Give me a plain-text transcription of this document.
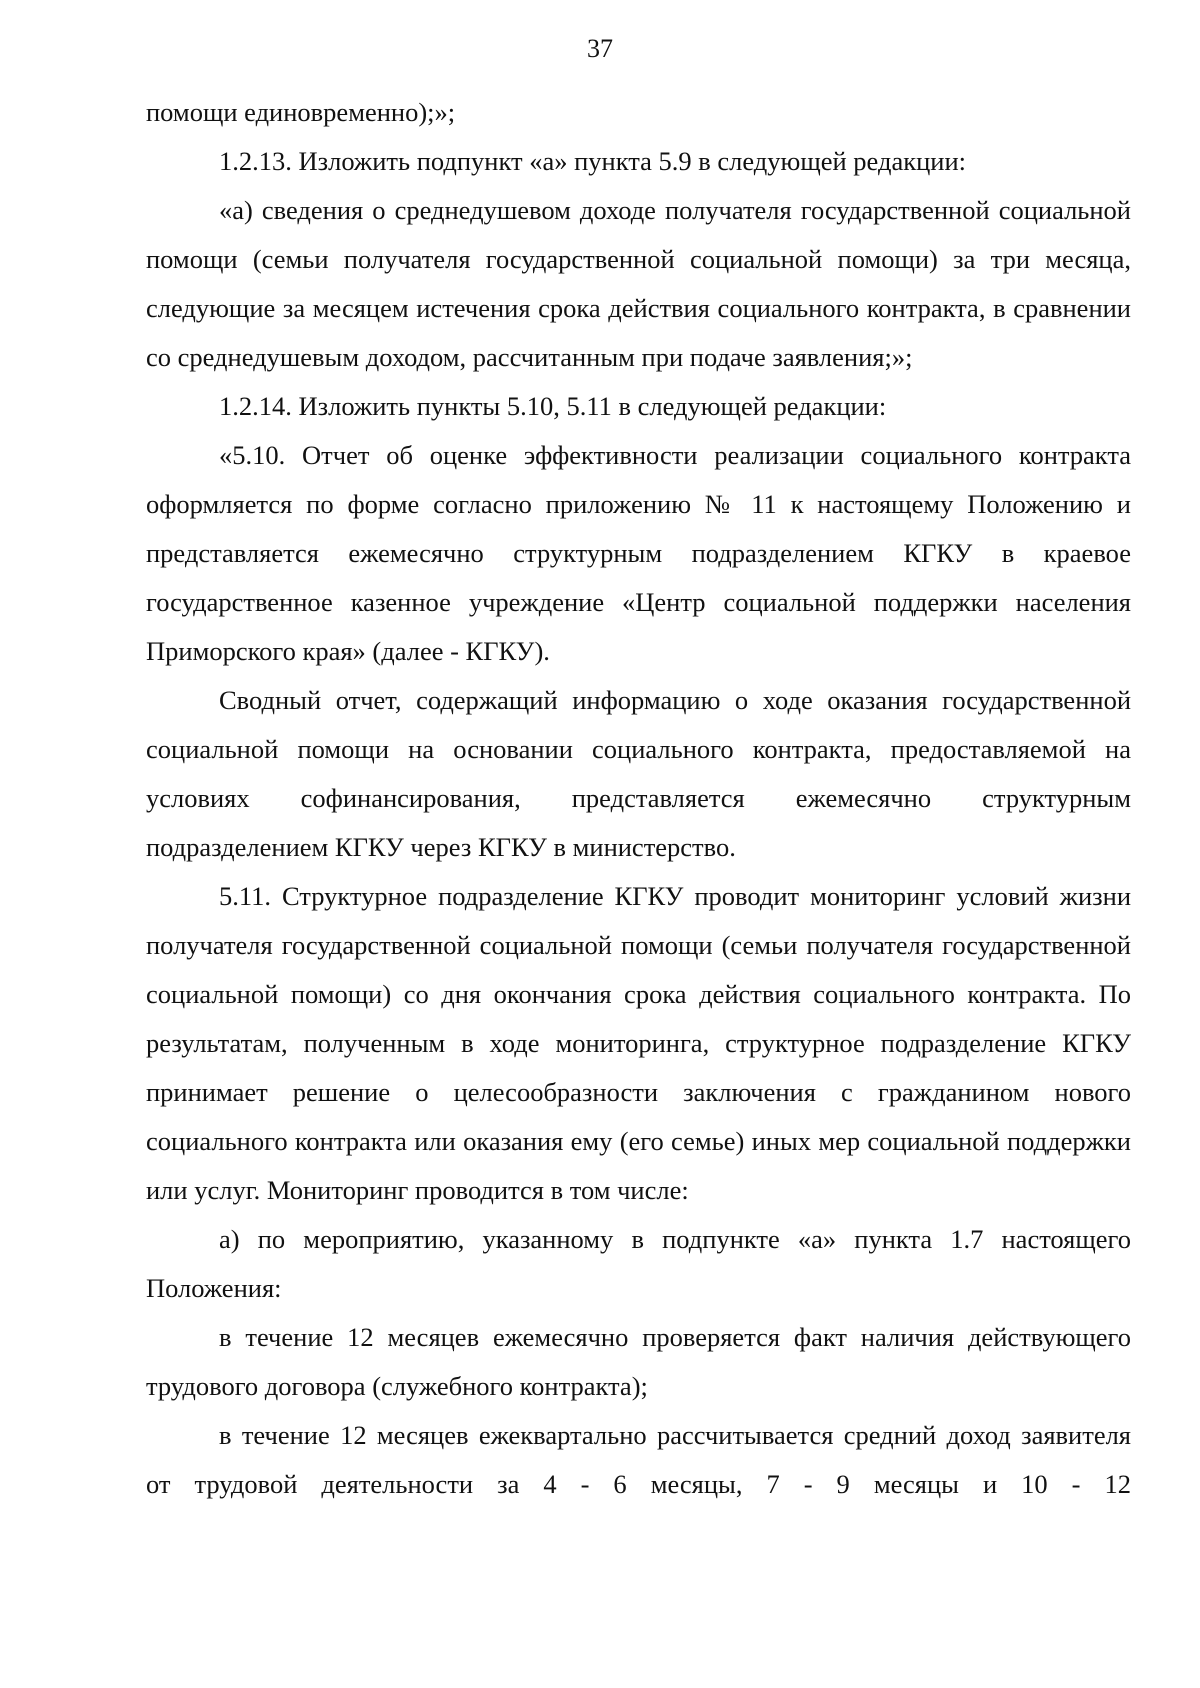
37

помощи единовременно);»;

1.2.13. Изложить подпункт «а» пункта 5.9 в следующей редакции:

«а) сведения о среднедушевом доходе получателя государственной социальной помощи (семьи получателя государственной социальной помощи) за три месяца, следующие за месяцем истечения срока действия социального контракта, в сравнении со среднедушевым доходом, рассчитанным при подаче заявления;»;

1.2.14. Изложить пункты 5.10, 5.11 в следующей редакции:

«5.10. Отчет об оценке эффективности реализации социального контракта оформляется по форме согласно приложению № 11 к настоящему Положению и представляется ежемесячно структурным подразделением КГКУ в краевое государственное казенное учреждение «Центр социальной поддержки населения Приморского края» (далее - КГКУ).

Сводный отчет, содержащий информацию о ходе оказания государственной социальной помощи на основании социального контракта, предоставляемой на условиях софинансирования, представляется ежемесячно структурным подразделением КГКУ через КГКУ в министерство.

5.11. Структурное подразделение КГКУ проводит мониторинг условий жизни получателя государственной социальной помощи (семьи получателя государственной социальной помощи) со дня окончания срока действия социального контракта. По результатам, полученным в ходе мониторинга, структурное подразделение КГКУ принимает решение о целесообразности заключения с гражданином нового социального контракта или оказания ему (его семье) иных мер социальной поддержки или услуг. Мониторинг проводится в том числе:

а) по мероприятию, указанному в подпункте «а» пункта 1.7 настоящего Положения:

в течение 12 месяцев ежемесячно проверяется факт наличия действующего трудового договора (служебного контракта);

в течение 12 месяцев ежеквартально рассчитывается средний доход заявителя от трудовой деятельности за 4 - 6 месяцы, 7 - 9 месяцы и 10 - 12
